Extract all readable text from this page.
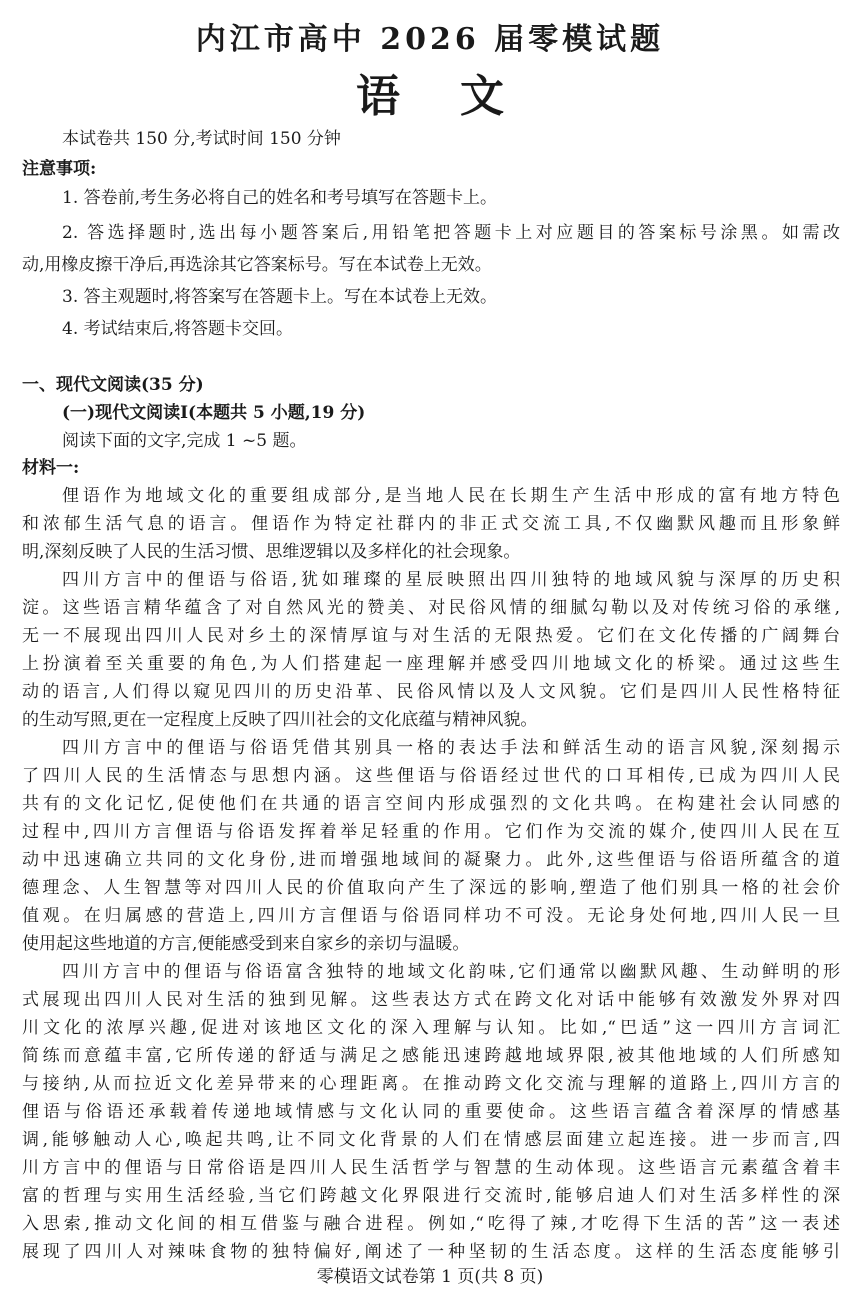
内江市高中 2026 届零模试题
语文
本试卷共 150 分,考试时间 150 分钟
注意事项:
1. 答卷前,考生务必将自己的姓名和考号填写在答题卡上。
2. 答选择题时,选出每小题答案后,用铅笔把答题卡上对应题目的答案标号涂黑。如需改
动,用橡皮擦干净后,再选涂其它答案标号。写在本试卷上无效。
3. 答主观题时,将答案写在答题卡上。写在本试卷上无效。
4. 考试结束后,将答题卡交回。
一、现代文阅读(35 分)
(一)现代文阅读Ⅰ(本题共 5 小题,19 分)
阅读下面的文字,完成 1 ~5 题。
材料一:
俚语作为地域文化的重要组成部分,是当地人民在长期生产生活中形成的富有地方特色
和浓郁生活气息的语言。俚语作为特定社群内的非正式交流工具,不仅幽默风趣而且形象鲜
明,深刻反映了人民的生活习惯、思维逻辑以及多样化的社会现象。
四川方言中的俚语与俗语,犹如璀璨的星辰映照出四川独特的地域风貌与深厚的历史积
淀。这些语言精华蕴含了对自然风光的赞美、对民俗风情的细腻勾勒以及对传统习俗的承继,
无一不展现出四川人民对乡土的深情厚谊与对生活的无限热爱。它们在文化传播的广阔舞台
上扮演着至关重要的角色,为人们搭建起一座理解并感受四川地域文化的桥梁。通过这些生
动的语言,人们得以窥见四川的历史沿革、民俗风情以及人文风貌。它们是四川人民性格特征
的生动写照,更在一定程度上反映了四川社会的文化底蕴与精神风貌。
四川方言中的俚语与俗语凭借其别具一格的表达手法和鲜活生动的语言风貌,深刻揭示
了四川人民的生活情态与思想内涵。这些俚语与俗语经过世代的口耳相传,已成为四川人民
共有的文化记忆,促使他们在共通的语言空间内形成强烈的文化共鸣。在构建社会认同感的
过程中,四川方言俚语与俗语发挥着举足轻重的作用。它们作为交流的媒介,使四川人民在互
动中迅速确立共同的文化身份,进而增强地域间的凝聚力。此外,这些俚语与俗语所蕴含的道
德理念、人生智慧等对四川人民的价值取向产生了深远的影响,塑造了他们别具一格的社会价
值观。在归属感的营造上,四川方言俚语与俗语同样功不可没。无论身处何地,四川人民一旦
使用起这些地道的方言,便能感受到来自家乡的亲切与温暖。
四川方言中的俚语与俗语富含独特的地域文化韵味,它们通常以幽默风趣、生动鲜明的形
式展现出四川人民对生活的独到见解。这些表达方式在跨文化对话中能够有效激发外界对四
川文化的浓厚兴趣,促进对该地区文化的深入理解与认知。比如,“巴适”这一四川方言词汇
简练而意蕴丰富,它所传递的舒适与满足之感能迅速跨越地域界限,被其他地域的人们所感知
与接纳,从而拉近文化差异带来的心理距离。在推动跨文化交流与理解的道路上,四川方言的
俚语与俗语还承载着传递地域情感与文化认同的重要使命。这些语言蕴含着深厚的情感基
调,能够触动人心,唤起共鸣,让不同文化背景的人们在情感层面建立起连接。进一步而言,四
川方言中的俚语与日常俗语是四川人民生活哲学与智慧的生动体现。这些语言元素蕴含着丰
富的哲理与实用生活经验,当它们跨越文化界限进行交流时,能够启迪人们对生活多样性的深
入思索,推动文化间的相互借鉴与融合进程。例如,“吃得了辣,才吃得下生活的苦”这一表述
展现了四川人对辣味食物的独特偏好,阐述了一种坚韧的生活态度。这样的生活态度能够引
零模语文试卷第 1 页(共 8 页)
